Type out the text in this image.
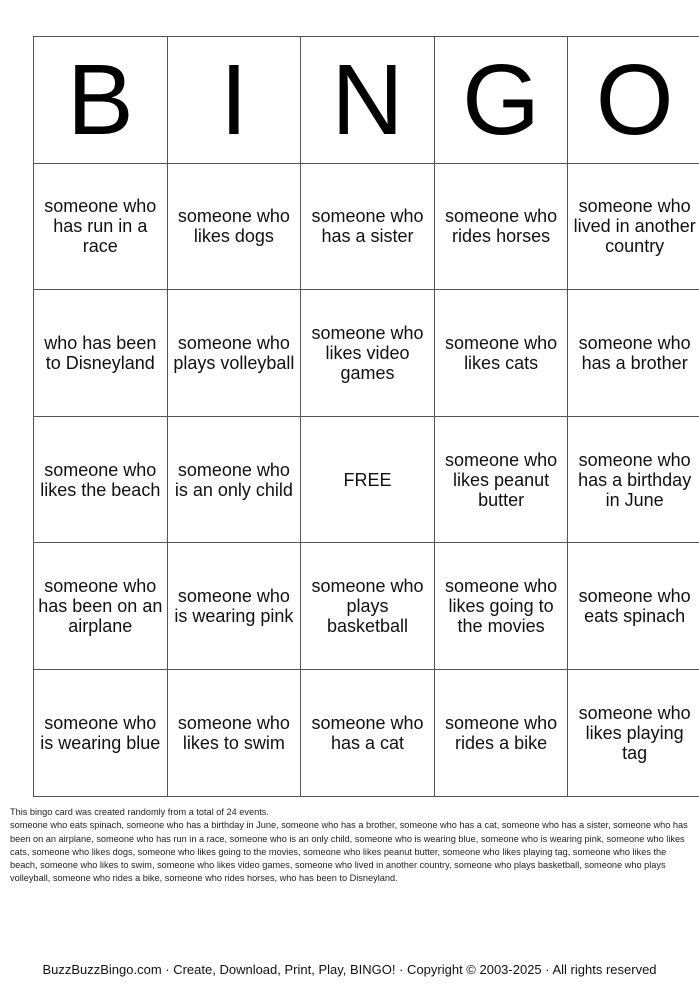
B	I	N	G	O
someone who has run in a race	someone who likes dogs	someone who has a sister	someone who rides horses	someone who lived in another country
who has been to Disneyland	someone who plays volleyball	someone who likes video games	someone who likes cats	someone who has a brother
someone who likes the beach	someone who is an only child	FREE	someone who likes peanut butter	someone who has a birthday in June
someone who has been on an airplane	someone who is wearing pink	someone who plays basketball	someone who likes going to the movies	someone who eats spinach
someone who is wearing blue	someone who likes to swim	someone who has a cat	someone who rides a bike	someone who likes playing tag

This bingo card was created randomly from a total of 24 events.

someone who eats spinach, someone who has a birthday in June, someone who has a brother, someone who has a cat, someone who has a sister, someone who has been on an airplane, someone who has run in a race, someone who is an only child, someone who is wearing blue, someone who is wearing pink, someone who likes cats, someone who likes dogs, someone who likes going to the movies, someone who likes peanut butter, someone who likes playing tag, someone who likes the beach, someone who likes to swim, someone who likes video games, someone who lived in another country, someone who plays basketball, someone who plays volleyball, someone who rides a bike, someone who rides horses, who has been to Disneyland.

BuzzBuzzBingo.com · Create, Download, Print, Play, BINGO! · Copyright © 2003-2025 · All rights reserved
